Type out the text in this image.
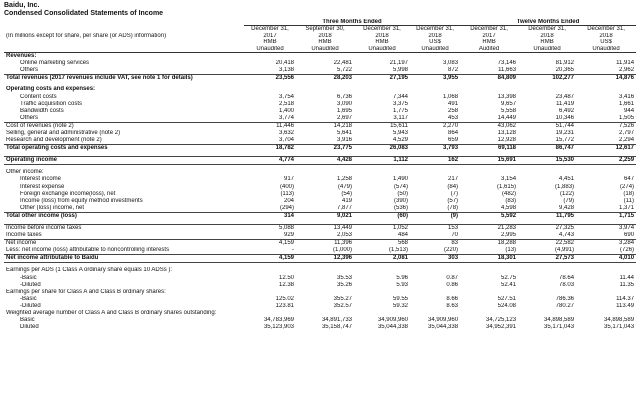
Baidu, Inc.
Condensed Consolidated Statements of Income
	Three Months Ended				Twelve Months Ended		
	December 31,	September 30,	December 31,	December 31,	December 31,	December 31,	December 31,
(In millions except for share, per share (or ADS) information)	2017	2018	2018	2018	2017	2018	2018
	RMB	RMB	RMB	US$	RMB	RMB	US$
	Unaudited	Unaudited	Unaudited	Unaudited	Audited	Unaudited	Unaudited
Revenues:							
Online marketing services	20,418	22,481	21,197	3,083	73,146	81,912	11,914
Others	3,138	5,722	5,998	872	11,663	20,365	2,962
Total revenues (2017 revenues include VAT, see note 1 for details)	23,556	28,203	27,195	3,955	84,809	102,277	14,876

Operating costs and expenses:							
Content costs	3,754	6,736	7,344	1,068	13,398	23,487	3,416
Traffic acquisition costs	2,518	3,090	3,375	491	9,657	11,419	1,661
Bandwidth costs	1,400	1,695	1,775	258	5,558	6,492	944
Others	3,774	2,697	3,117	453	14,449	10,346	1,505
Cost of revenues (note 2)	11,446	14,218	15,611	2,270	43,062	51,744	7,526
Selling, general and administrative (note 2)	3,632	5,641	5,943	864	13,128	19,231	2,797
Research and development (note 2)	3,704	3,916	4,529	659	12,928	15,772	2,294
Total operating costs and expenses	18,782	23,775	26,083	3,793	69,118	86,747	12,617

Operating income	4,774	4,428	1,112	162	15,691	15,530	2,259

Other income:							
Interest income	917	1,258	1,490	217	3,154	4,451	647
Interest expense	(400)	(479)	(574)	(84)	(1,615)	(1,883)	(274)
Foreign exchange income(loss), net	(113)	(54)	(50)	(7)	(482)	(122)	(18)
Income (loss) from equity method investments	204	419	(390)	(57)	(83)	(79)	(11)
Other (loss) income, net	(294)	7,877	(536)	(78)	4,598	9,428	1,371
Total other income (loss)	314	9,021	(60)	(9)	5,592	11,795	1,715

Income before income taxes	5,088	13,449	1,052	153	21,283	27,325	3,974
Income taxes	929	2,053	484	70	2,995	4,743	690
Net income	4,159	11,396	568	83	18,288	22,582	3,284
Less: net income (loss) attributable to noncontrolling interests	-	(1,000)	(1,513)	(220)	(13)	(4,991)	(726)
Net income attributable to Baidu	4,159	12,396	2,081	303	18,301	27,573	4,010

Earnings per ADS (1 Class A ordinary share equals 10 ADSs ):							
-Basic	12.50	35.53	5.96	0.87	52.75	78.64	11.44
-Diluted	12.38	35.26	5.93	0.86	52.41	78.03	11.35
Earnings per share for Class A and Class B ordinary shares:							
-Basic	125.02	355.27	59.55	8.66	527.51	786.36	114.37
-Diluted	123.81	352.57	59.32	8.63	524.08	780.27	113.49
Weighted average number of Class A and Class B ordinary shares outstanding:							
Basic	34,783,969	34,891,733	34,909,960	34,909,960	34,725,123	34,898,589	34,898,589
Diluted	35,123,903	35,158,747	35,044,338	35,044,338	34,952,391	35,171,043	35,171,043
